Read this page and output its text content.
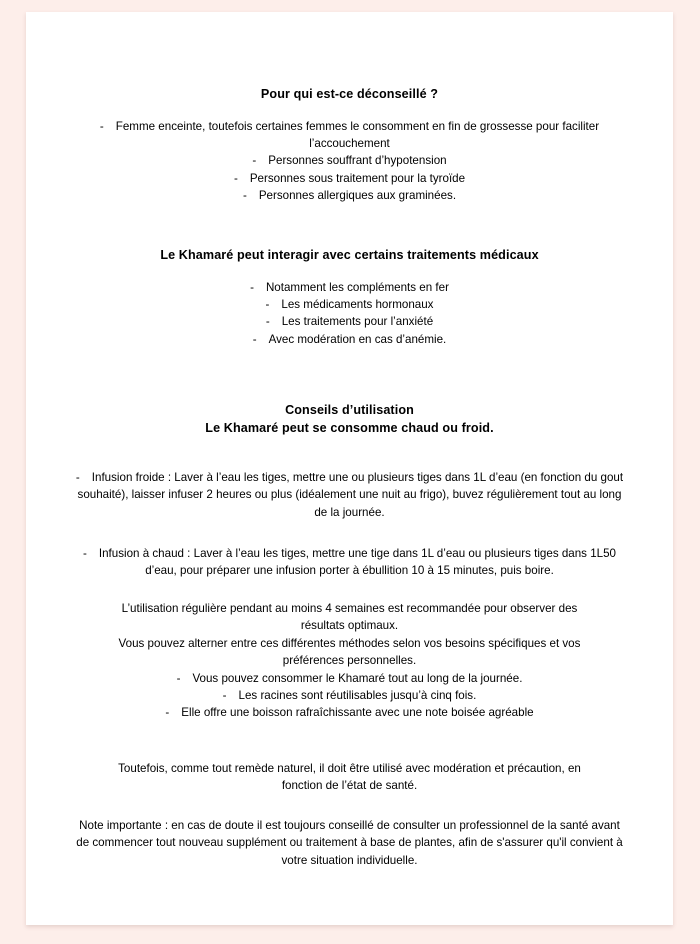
Pour qui est-ce déconseillé ?

- Femme enceinte, toutefois certaines femmes le consomment en fin de grossesse pour faciliter l’accouchement

- Personnes souffrant d’hypotension

- Personnes sous traitement pour la tyroïde

- Personnes allergiques aux graminées.

Le Khamaré peut interagir avec certains traitements médicaux

- Notamment les compléments en fer

- Les médicaments hormonaux

- Les traitements pour l’anxiété

- Avec modération en cas d’anémie.

Conseils d’utilisation

Le Khamaré peut se consomme chaud ou froid.

- Infusion froide : Laver à l’eau les tiges, mettre une ou plusieurs tiges dans 1L d’eau (en fonction du gout souhaité), laisser infuser 2 heures ou plus (idéalement une nuit au frigo), buvez régulièrement tout au long de la journée.

- Infusion à chaud : Laver à l’eau les tiges, mettre une tige dans 1L d’eau ou plusieurs tiges dans 1L50 d’eau, pour préparer une infusion porter à ébullition 10 à 15 minutes, puis boire.

L’utilisation régulière pendant au moins 4 semaines est recommandée pour observer des résultats optimaux.

Vous pouvez alterner entre ces différentes méthodes selon vos besoins spécifiques et vos préférences personnelles.

- Vous pouvez consommer le Khamaré tout au long de la journée.

- Les racines sont réutilisables jusqu’à cinq fois.

- Elle offre une boisson rafraîchissante avec une note boisée agréable

Toutefois, comme tout remède naturel, il doit être utilisé avec modération et précaution, en fonction de l’état de santé.

Note importante : en cas de doute il est toujours conseillé de consulter un professionnel de la santé avant de commencer tout nouveau supplément ou traitement à base de plantes, afin de s'assurer qu'il convient à votre situation individuelle.
